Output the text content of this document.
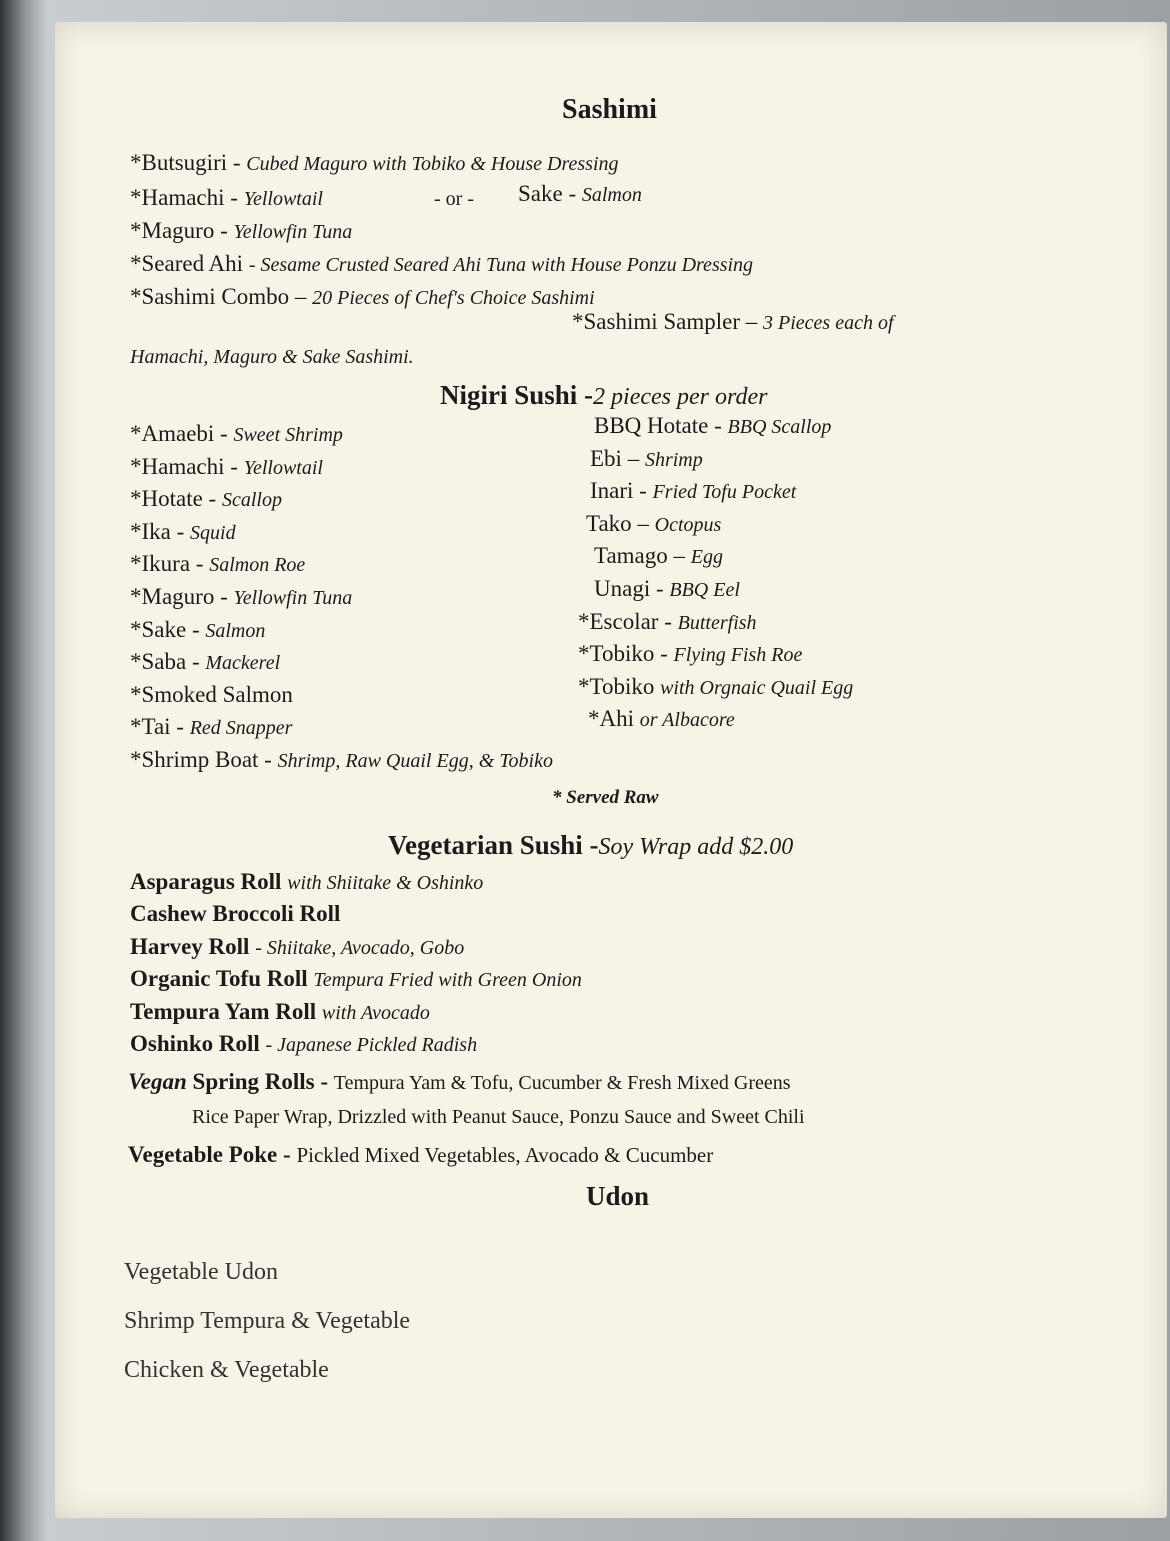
Sashimi
*Butsugiri - Cubed Maguro with Tobiko & House Dressing
*Hamachi - Yellowtail	- or - Sake - Salmon
*Maguro - Yellowfin Tuna
*Seared Ahi - Sesame Crusted Seared Ahi Tuna with House Ponzu Dressing
*Sashimi Combo – 20 Pieces of Chef's Choice Sashimi
*Sashimi Sampler – 3 Pieces each of
Hamachi, Maguro & Sake Sashimi.
Nigiri Sushi -2 pieces per order
*Amaebi - Sweet Shrimp
*Hamachi - Yellowtail
*Hotate - Scallop
*Ika - Squid
*Ikura - Salmon Roe
*Maguro - Yellowfin Tuna
*Sake - Salmon
*Saba - Mackerel
*Smoked Salmon
*Tai - Red Snapper
*Shrimp Boat - Shrimp, Raw Quail Egg, & Tobiko
BBQ Hotate - BBQ Scallop
Ebi – Shrimp
Inari - Fried Tofu Pocket
Tako – Octopus
Tamago – Egg
Unagi - BBQ Eel
*Escolar - Butterfish
*Tobiko - Flying Fish Roe
*Tobiko with Orgnaic Quail Egg
*Ahi or Albacore
* Served Raw
Vegetarian Sushi -Soy Wrap add $2.00
Asparagus Roll with Shiitake & Oshinko
Cashew Broccoli Roll
Harvey Roll - Shiitake, Avocado, Gobo
Organic Tofu Roll Tempura Fried with Green Onion
Tempura Yam Roll with Avocado
Oshinko Roll - Japanese Pickled Radish
Vegan Spring Rolls - Tempura Yam & Tofu, Cucumber & Fresh Mixed Greens
Rice Paper Wrap, Drizzled with Peanut Sauce, Ponzu Sauce and Sweet Chili
Vegetable Poke - Pickled Mixed Vegetables, Avocado & Cucumber
Udon
Vegetable Udon
Shrimp Tempura & Vegetable
Chicken & Vegetable
